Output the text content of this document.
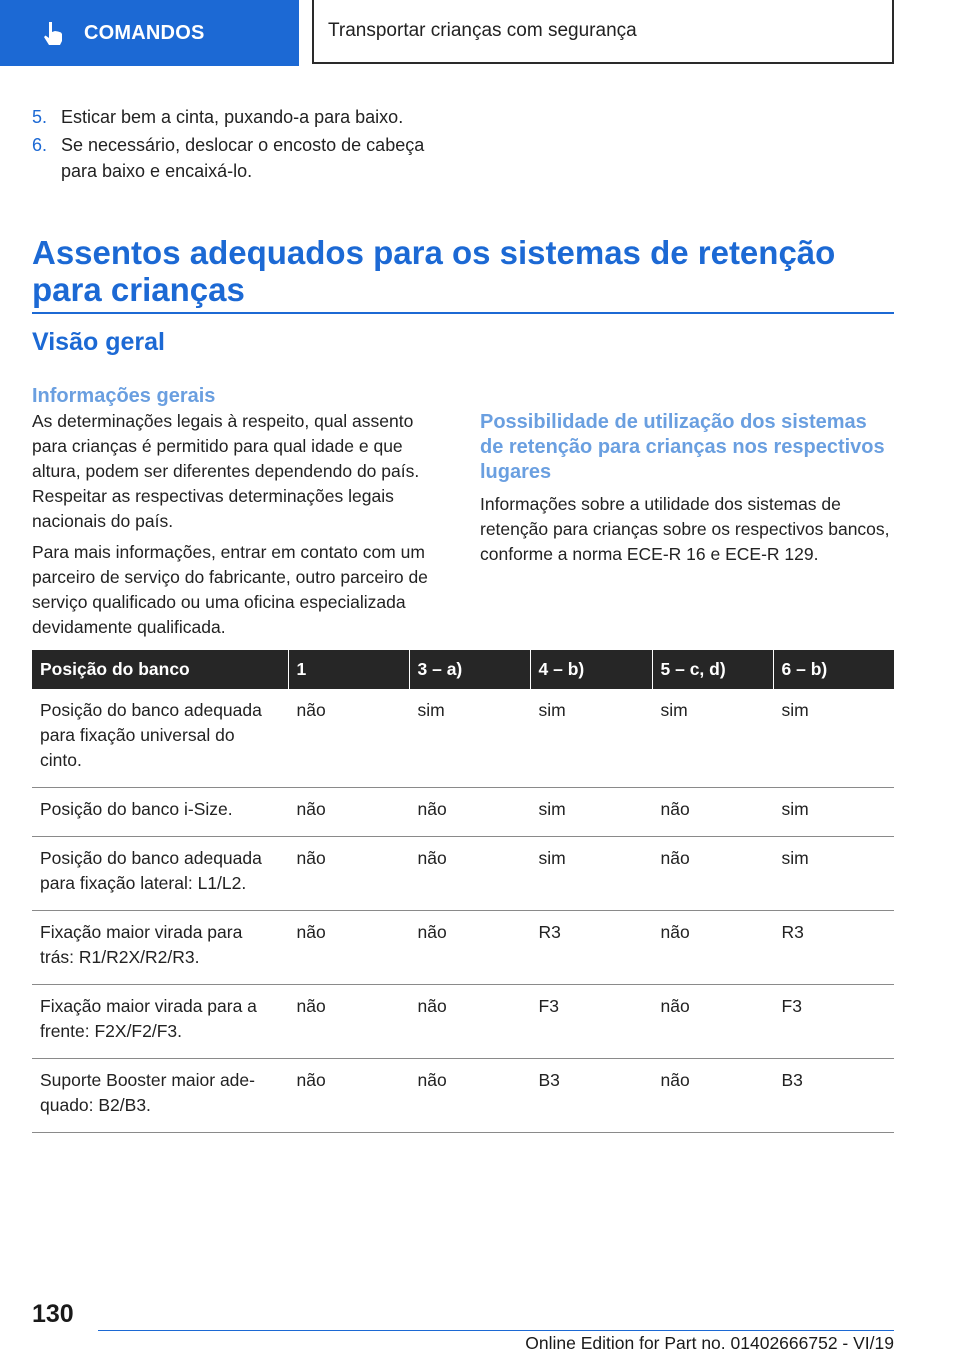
COMANDOS	Transportar crianças com segurança
5. Esticar bem a cinta, puxando-a para baixo.
6. Se necessário, deslocar o encosto de cabeça para baixo e encaixá-lo.
Assentos adequados para os sistemas de retenção para crianças
Visão geral
Informações gerais

As determinações legais à respeito, qual assento para crianças é permitido para qual idade e que altura, podem ser diferentes dependendo do país. Respeitar as respectivas determinações legais nacionais do país.

Para mais informações, entrar em contato com um parceiro de serviço do fabricante, outro parceiro de serviço qualificado ou uma oficina especializada devidamente qualificada.

Possibilidade de utilização dos sistemas de retenção para crianças nos respectivos lugares

Informações sobre a utilidade dos sistemas de retenção para crianças sobre os respectivos bancos, conforme a norma ECE-R 16 e ECE-R 129.

Posição do banco	1	3 – a)	4 – b)	5 – c, d)	6 – b)
Posição do banco adequada para fixação universal do cinto.	não	sim	sim	sim	sim
Posição do banco i-Size.	não	não	sim	não	sim
Posição do banco adequada para fixação lateral: L1/L2.	não	não	sim	não	sim
Fixação maior virada para trás: R1/R2X/R2/R3.	não	não	R3	não	R3
Fixação maior virada para a frente: F2X/F2/F3.	não	não	F3	não	F3
Suporte Booster maior adequado: B2/B3.	não	não	B3	não	B3
130
Online Edition for Part no. 01402666752 - VI/19
